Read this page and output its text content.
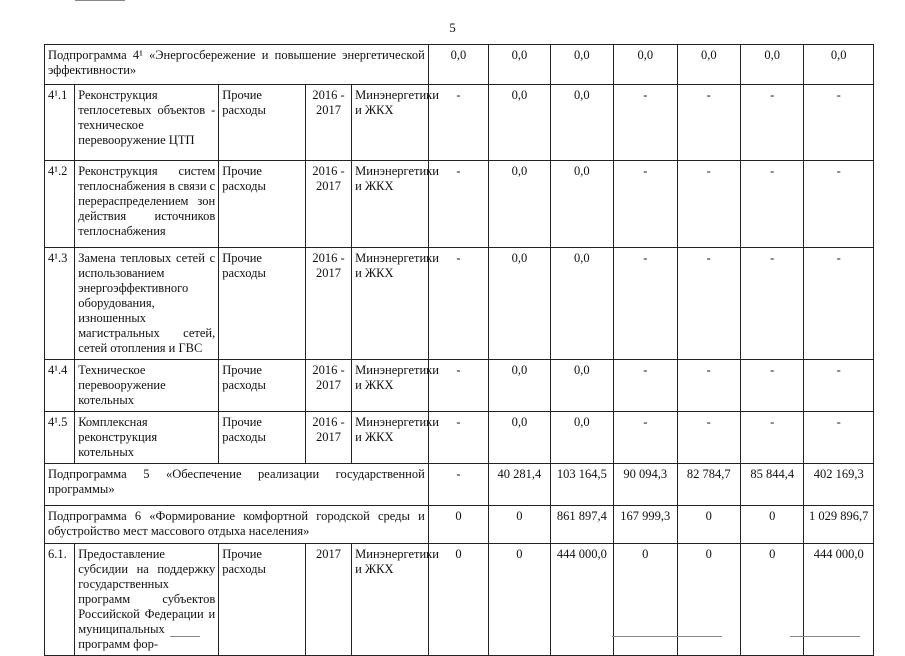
5
Подпрограмма 4¹ «Энергосбережение и повышение энергетической эффективности»					0,0	0,0	0,0	0,0	0,0	0,0	0,0
4¹.1	Реконструкция теплосетевых объектов - техническое перевооружение ЦТП	Прочие расходы	2016 - 2017	Минэнергетики и ЖКХ	-	0,0	0,0	-	-	-	-
4¹.2	Реконструкция систем теплоснабжения в связи с перераспределением зон действия источников теплоснабжения	Прочие расходы	2016 - 2017	Минэнергетики и ЖКХ	-	0,0	0,0	-	-	-	-
4¹.3	Замена тепловых сетей с использованием энергоэффективного оборудования, изношенных магистральных сетей, сетей отопления и ГВС	Прочие расходы	2016 - 2017	Минэнергетики и ЖКХ	-	0,0	0,0	-	-	-	-
4¹.4	Техническое перевооружение котельных	Прочие расходы	2016 - 2017	Минэнергетики и ЖКХ	-	0,0	0,0	-	-	-	-
4¹.5	Комплексная реконструкция котельных	Прочие расходы	2016 - 2017	Минэнергетики и ЖКХ	-	0,0	0,0	-	-	-	-
Подпрограмма 5 «Обеспечение реализации государственной программы»					-	40 281,4	103 164,5	90 094,3	82 784,7	85 844,4	402 169,3
Подпрограмма 6 «Формирование комфортной городской среды и обустройство мест массового отдыха населения»					0	0	861 897,4	167 999,3	0	0	1 029 896,7
6.1.	Предоставление субсидии на поддержку государственных программ субъектов Российской Федерации и муниципальных программ фор-	Прочие расходы	2017	Минэнергетики и ЖКХ	0	0	444 000,0	0	0	0	444 000,0
